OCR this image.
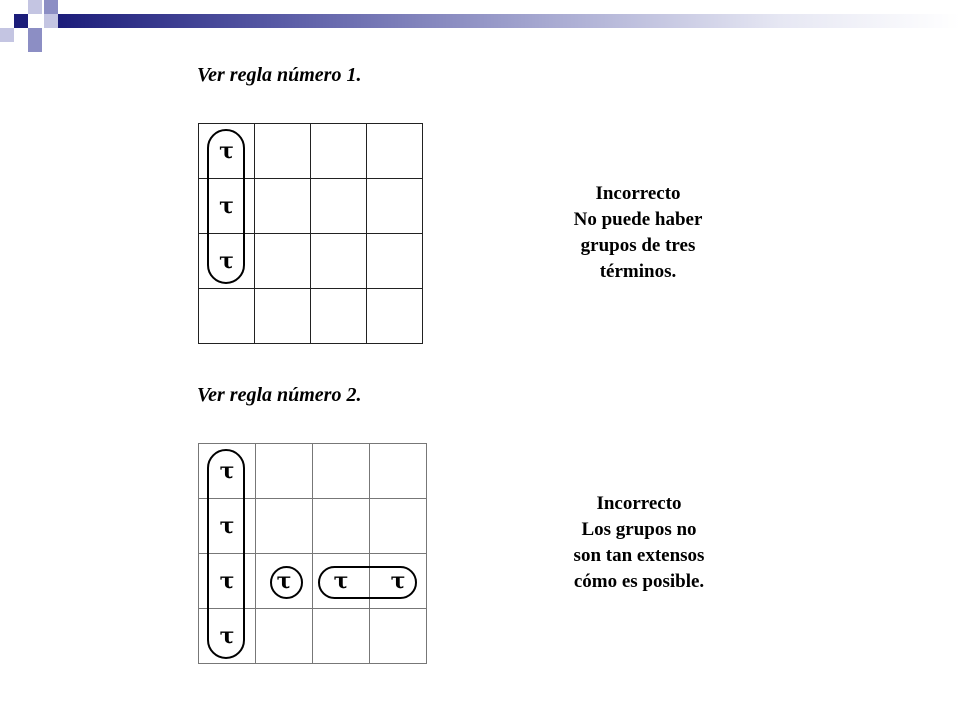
Ver regla número 1.
τ			
τ			
τ			

Incorrecto
No puede haber
grupos de tres
términos.
Ver regla número 2.
τ			
τ			
τ	τ	τ	τ
τ			
Incorrecto
Los grupos no
son tan extensos
cómo es posible.
